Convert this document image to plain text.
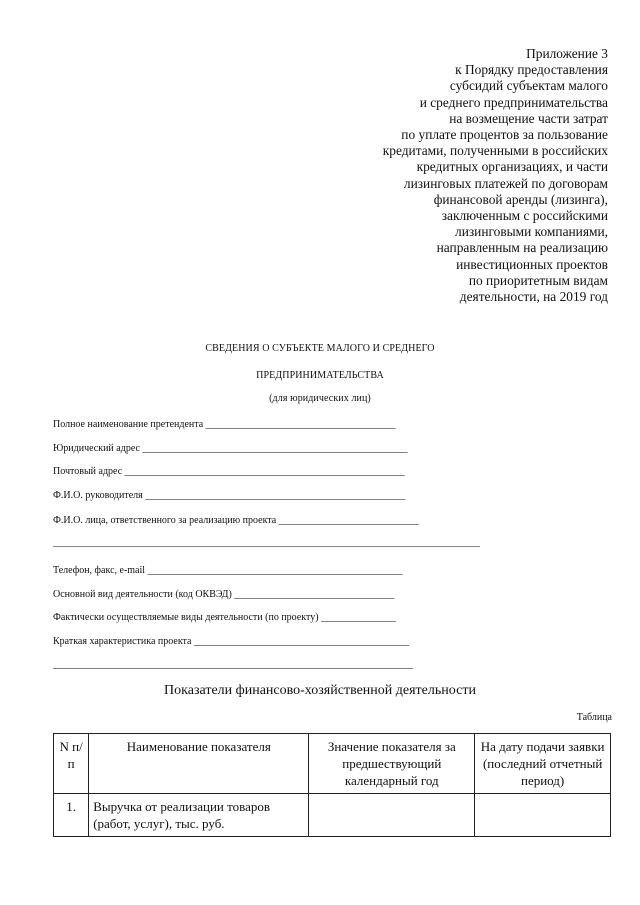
Приложение 3
к Порядку предоставления
субсидий субъектам малого
и среднего предпринимательства
на возмещение части затрат
по уплате процентов за пользование
кредитами, полученными в российских
кредитных организациях, и части
лизинговых платежей по договорам
финансовой аренды (лизинга),
заключенным с российскими
лизинговыми компаниями,
направленным на реализацию
инвестиционных проектов
по приоритетным видам
деятельности, на 2019 год
СВЕДЕНИЯ О СУБЪЕКТЕ МАЛОГО И СРЕДНЕГО
ПРЕДПРИНИМАТЕЛЬСТВА
(для юридических лиц)
Полное наименование претендента ______________________________________
Юридический адрес _____________________________________________________
Почтовый адрес ________________________________________________________
Ф.И.О. руководителя ____________________________________________________
Ф.И.О. лица, ответственного за реализацию проекта ____________________________
Телефон, факс, e-mail ___________________________________________________
Основной вид деятельности (код ОКВЭД) ________________________________
Фактически осуществляемые виды деятельности (по проекту) _______________
Краткая характеристика проекта ___________________________________________
________________________________________________________________________
Показатели финансово-хозяйственной деятельности
Таблица
N п/п	Наименование показателя	Значение показателя за предшествующий календарный год	На дату подачи заявки (последний отчетный период)
1.	Выручка от реализации товаров (работ, услуг), тыс. руб.		
